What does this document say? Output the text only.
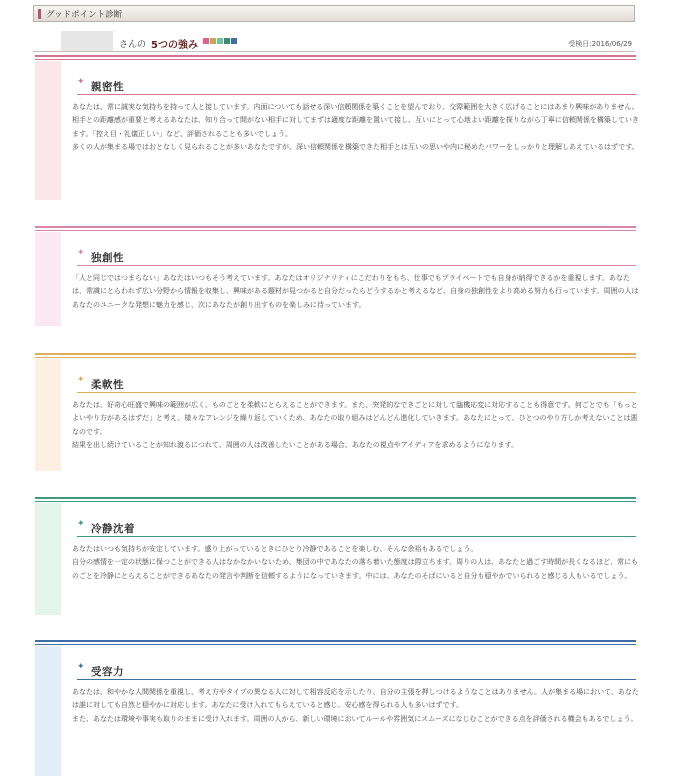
グッドポイント診断
さんの 5つの強み	受検日:2016/06/29
✦ 親密性

あなたは、常に誠実な気持ちを持って人と接しています。内面についても話せる深い信頼関係を築くことを望んでおり、交際範囲を大きく広げることにはあまり興味がありません。

相手との距離感が重要と考えるあなたは、知り合って間がない相手に対してまずは適度な距離を置いて接し、互いにとって心地よい距離を探りながら丁寧に信頼関係を構築していきます。「控え目・礼儀正しい」など、評価されることも多いでしょう。

多くの人が集まる場ではおとなしく見られることが多いあなたですが、深い信頼関係を構築できた相手とは互いの思いや内に秘めたパワーをしっかりと理解しあえているはずです。

✦ 独創性

「人と同じではつまらない」あなたはいつもそう考えています。あなたはオリジナリティにこだわりをもち、仕事でもプライベートでも自身が納得できるかを重視します。あなたは、常識にとらわれず広い分野から情報を収集し、興味がある題材が見つかると自分だったらどうするかと考えるなど、自身の独創性をより高める努力も行っています。周囲の人はあなたのユニークな発想に魅力を感じ、次にあなたが創り出すものを楽しみに待っています。

✦ 柔軟性

あなたは、好奇心旺盛で興味の範囲が広く、ものごとを柔軟にとらえることができます。また、突発的なできごとに対して臨機応変に対応することも得意です。何ごとでも「もっとよいやり方があるはずだ」と考え、様々なアレンジを繰り返していくため、あなたの取り組みはどんどん進化していきます。あなたにとって、ひとつのやり方しか考えないことは悪なのです。

結果を出し続けていることが知れ渡るにつれて、周囲の人は改善したいことがある場合、あなたの視点やアイディアを求めるようになります。

✦ 冷静沈着

あなたはいつも気持ちが安定しています。盛り上がっているときにひとり冷静であることを楽しむ、そんな余裕もあるでしょう。

自分の感情を一定の状態に保つことができる人はなかなかいないため、集団の中であなたの落ち着いた態度は際立ちます。周りの人は、あなたと過ごす時間が長くなるほど、常にものごとを冷静にとらえることができるあなたの発言や判断を信頼するようになっていきます。中には、あなたのそばにいると自分も穏やかでいられると感じる人もいるでしょう。

✦ 受容力

あなたは、和やかな人間関係を重視し、考え方やタイプの異なる人に対して相容反応を示したり、自分の主張を押しつけるようなことはありません。人が集まる場において、あなたは誰に対しても自然と穏やかに対応します。あなたに受け入れてもらえていると感じ、安心感を得られる人も多いはずです。

また、あなたは環境や事実も取りのままに受け入れます。周囲の人から、新しい環境においてルールや雰囲気にスムーズになじむことができる点を評価される機会もあるでしょう。
